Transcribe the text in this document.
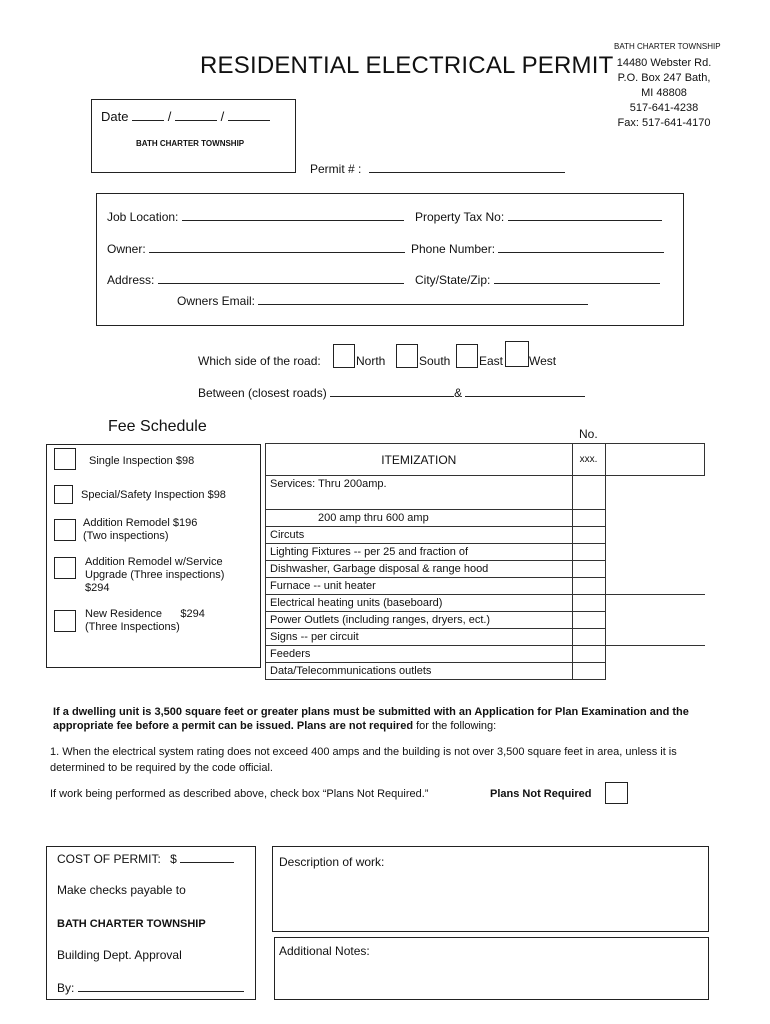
RESIDENTIAL ELECTRICAL PERMIT
BATH CHARTER TOWNSHIP
14480 Webster Rd.
P.O. Box 247 Bath,
MI 48808
517-641-4238
Fax: 517-641-4170
Date	/	/
BATH CHARTER TOWNSHIP
Permit # :
Job Location:	Property Tax No:
Owner:	Phone Number:
Address:	City/State/Zip:
Owners Email:
Which side of the road:	North	South East West
Between (closest roads)	&
Fee Schedule
Single Inspection $98
Special/Safety Inspection $98
Addition Remodel $196
(Two inspections)
Addition Remodel w/Service
Upgrade (Three inspections)
$294
New Residence      $294
(Three Inspections)
No.
ITEMIZATION	xxx.	
Services: Thru 200amp.		
200 amp thru 600 amp		
Circuts		
Lighting Fixtures -- per 25 and fraction of		
Dishwasher, Garbage disposal & range hood		
Furnace -- unit heater		
Electrical heating units (baseboard)		
Power Outlets (including ranges, dryers, ect.)		
Signs -- per circuit		
Feeders		
Data/Telecommunications outlets		
If a dwelling unit is 3,500 square feet or greater plans must be submitted with an Application for Plan Examination and the
appropriate fee before a permit can be issued. Plans are not required for the following:
1. When the electrical system rating does not exceed 400 amps and the building is not over 3,500 square feet in area, unless it is
determined to be required by the code official.
If work being performed as described above, check box “Plans Not Required.”	Plans Not Required
COST OF PERMIT: $
Make checks payable to
BATH CHARTER TOWNSHIP
Building Dept. Approval
By:
Description of work:
Additional Notes:
